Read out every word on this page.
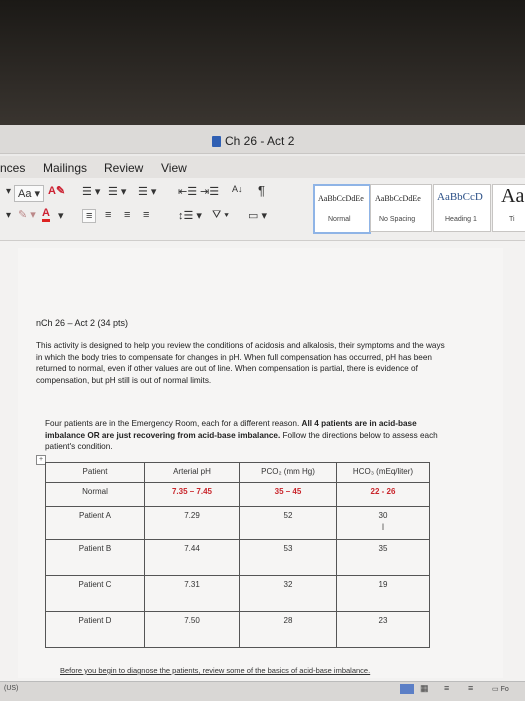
Ch 26 - Act 2
nces Mailings Review View
▾ Aa ▾ A✎ ☰ ▾ ☰ ▾ ☰ ▾ ⇤☰ ⇥☰ A↓ ¶
▾ ✎ ▾ A ▾	≡	≡ ≡ ≡	↕☰ ▾ ⛛ ▾ ▭ ▾
AaBbCcDdEe
Normal
AaBbCcDdEe
No Spacing
AaBbCcD
Heading 1
Aa
Ti
nCh 26 – Act 2 (34 pts)
This activity is designed to help you review the conditions of acidosis and alkalosis, their symptoms and the ways in which the body tries to compensate for changes in pH. When full compensation has occurred, pH has been returned to normal, even if other values are out of line. When compensation is partial, there is evidence of compensation, but pH still is out of normal limits.
Four patients are in the Emergency Room, each for a different reason. All 4 patients are in acid-base imbalance OR are just recovering from acid-base imbalance. Follow the directions below to assess each patient's condition.
+
Patient	Arterial pH	PCO₂ (mm Hg)	HCO₃ (mEq/liter)
Normal	7.35 – 7.45	35 – 45	22 - 26
Patient A	7.29	52	30
I

Patient B	7.44	53	35
Patient C	7.31	32	19
Patient D	7.50	28	23
Before you begin to diagnose the patients, review some of the basics of acid-base imbalance.
(US)	▦ ≡ ≡	▭ Fo
